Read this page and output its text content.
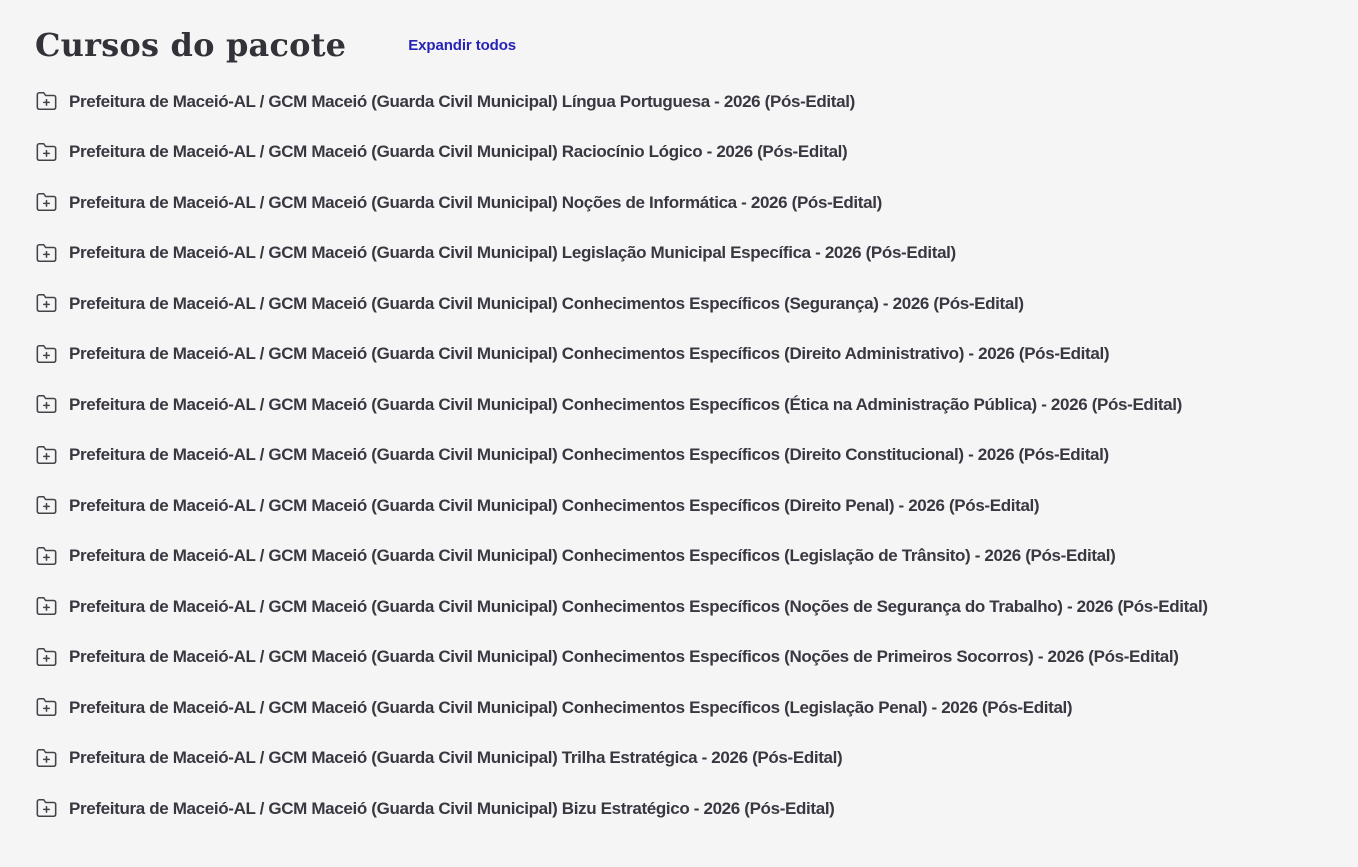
Cursos do pacote	Expandir todos
Prefeitura de Maceió-AL / GCM Maceió (Guarda Civil Municipal) Língua Portuguesa - 2026 (Pós-Edital)
Prefeitura de Maceió-AL / GCM Maceió (Guarda Civil Municipal) Raciocínio Lógico - 2026 (Pós-Edital)
Prefeitura de Maceió-AL / GCM Maceió (Guarda Civil Municipal) Noções de Informática - 2026 (Pós-Edital)
Prefeitura de Maceió-AL / GCM Maceió (Guarda Civil Municipal) Legislação Municipal Específica - 2026 (Pós-Edital)
Prefeitura de Maceió-AL / GCM Maceió (Guarda Civil Municipal) Conhecimentos Específicos (Segurança) - 2026 (Pós-Edital)
Prefeitura de Maceió-AL / GCM Maceió (Guarda Civil Municipal) Conhecimentos Específicos (Direito Administrativo) - 2026 (Pós-Edital)
Prefeitura de Maceió-AL / GCM Maceió (Guarda Civil Municipal) Conhecimentos Específicos (Ética na Administração Pública) - 2026 (Pós-Edital)
Prefeitura de Maceió-AL / GCM Maceió (Guarda Civil Municipal) Conhecimentos Específicos (Direito Constitucional) - 2026 (Pós-Edital)
Prefeitura de Maceió-AL / GCM Maceió (Guarda Civil Municipal) Conhecimentos Específicos (Direito Penal) - 2026 (Pós-Edital)
Prefeitura de Maceió-AL / GCM Maceió (Guarda Civil Municipal) Conhecimentos Específicos (Legislação de Trânsito) - 2026 (Pós-Edital)
Prefeitura de Maceió-AL / GCM Maceió (Guarda Civil Municipal) Conhecimentos Específicos (Noções de Segurança do Trabalho) - 2026 (Pós-Edital)
Prefeitura de Maceió-AL / GCM Maceió (Guarda Civil Municipal) Conhecimentos Específicos (Noções de Primeiros Socorros) - 2026 (Pós-Edital)
Prefeitura de Maceió-AL / GCM Maceió (Guarda Civil Municipal) Conhecimentos Específicos (Legislação Penal) - 2026 (Pós-Edital)
Prefeitura de Maceió-AL / GCM Maceió (Guarda Civil Municipal) Trilha Estratégica - 2026 (Pós-Edital)
Prefeitura de Maceió-AL / GCM Maceió (Guarda Civil Municipal) Bizu Estratégico - 2026 (Pós-Edital)
